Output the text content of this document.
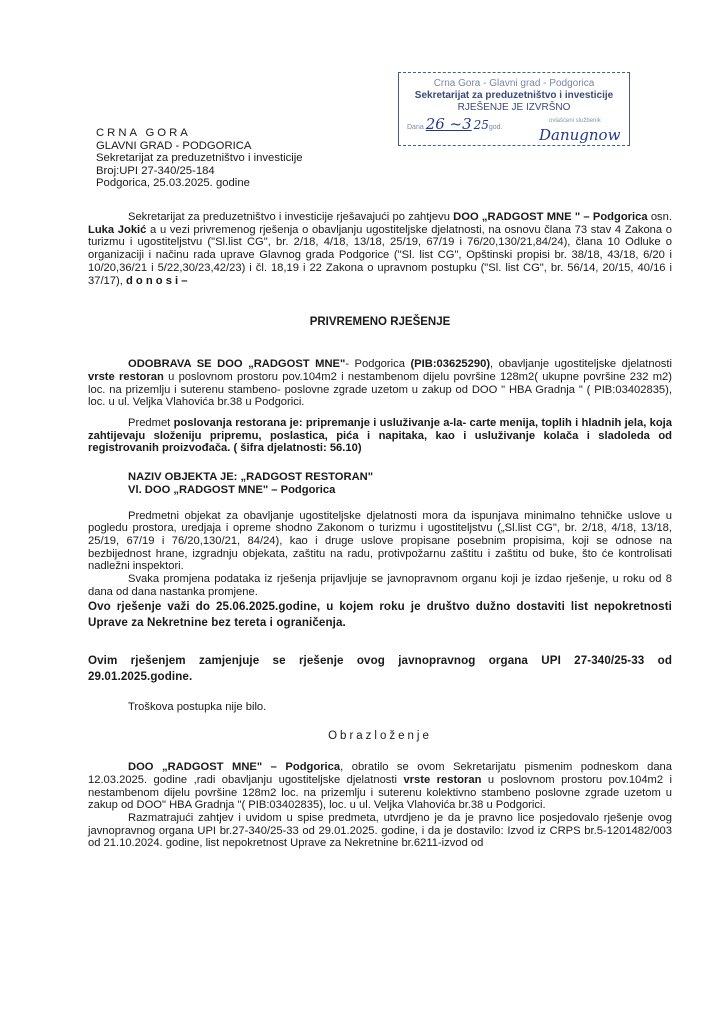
Crna Gora - Glavni grad - Podgorica
Sekretarijat za preduzetništvo i investicije
RJEŠENJE JE IZVRŠNO
Dana 26 ~3 25god.
ovlašćeni službenik
Danugnow
CRNA GORA
GLAVNI GRAD - PODGORICA
Sekretarijat za preduzetništvo i investicije
Broj:UPI 27-340/25-184
Podgorica, 25.03.2025. godine
Sekretarijat za preduzetništvo i investicije rješavajući po zahtjevu DOO „RADGOST MNE " – Podgorica osn. Luka Jokić a u vezi privremenog rješenja o obavljanju ugostiteljske djelatnosti, na osnovu člana 73 stav 4 Zakona o turizmu i ugostiteljstvu ("Sl.list CG", br. 2/18, 4/18, 13/18, 25/19, 67/19 i 76/20,130/21,84/24), člana 10 Odluke o organizaciji i načinu rada uprave Glavnog grada Podgorice ("Sl. list CG", Opštinski propisi br. 38/18, 43/18, 6/20 i 10/20,36/21 i 5/22,30/23,42/23) i čl. 18,19 i 22 Zakona o upravnom postupku ("Sl. list CG", br. 56/14, 20/15, 40/16 i 37/17), d o n o s i –
PRIVREMENO RJEŠENJE
ODOBRAVA SE DOO „RADGOST MNE"- Podgorica (PIB:03625290), obavljanje ugostiteljske djelatnosti vrste restoran u poslovnom prostoru pov.104m2 i nestambenom dijelu površine 128m2( ukupne površine 232 m2) loc. na prizemlju i suterenu stambeno- poslovne zgrade uzetom u zakup od DOO " HBA Gradnja " ( PIB:03402835), loc. u ul. Veljka Vlahovića br.38 u Podgorici.
Predmet poslovanja restorana je: pripremanje i usluživanje a-la- carte menija, toplih i hladnih jela, koja zahtijevaju složeniju pripremu, poslastica, pića i napitaka, kao i usluživanje kolača i sladoleda od registrovanih proizvođača. ( šifra djelatnosti: 56.10)
NAZIV OBJEKTA JE: „RADGOST RESTORAN"
Vl. DOO „RADGOST MNE" – Podgorica
Predmetni objekat za obavljanje ugostiteljske djelatnosti mora da ispunjava minimalno tehničke uslove u pogledu prostora, uredjaja i opreme shodno Zakonom o turizmu i ugostiteljstvu („Sl.list CG", br. 2/18, 4/18, 13/18, 25/19, 67/19 i 76/20,130/21, 84/24), kao i druge uslove propisane posebnim propisima, koji se odnose na bezbijednost hrane, izgradnju objekata, zaštitu na radu, protivpožarnu zaštitu i zaštitu od buke, što će kontrolisati nadležni inspektori.
Svaka promjena podataka iz rješenja prijavljuje se javnopravnom organu koji je izdao rješenje, u roku od 8 dana od dana nastanka promjene.
Ovo rješenje važi do 25.06.2025.godine, u kojem roku je društvo dužno dostaviti list nepokretnosti Uprave za Nekretnine bez tereta i ograničenja.
Ovim rješenjem zamjenjuje se rješenje ovog javnopravnog organa UPI 27-340/25-33 od 29.01.2025.godine.
Troškova postupka nije bilo.
Obrazloženje
DOO „RADGOST MNE" – Podgorica, obratilo se ovom Sekretarijatu pismenim podneskom dana 12.03.2025. godine ,radi obavljanju ugostiteljske djelatnosti vrste restoran u poslovnom prostoru pov.104m2 i nestambenom dijelu površine 128m2 loc. na prizemlju i suterenu kolektivno stambeno poslovne zgrade uzetom u zakup od DOO" HBA Gradnja "( PIB:03402835), loc. u ul. Veljka Vlahovića br.38 u Podgorici.
Razmatrajući zahtjev i uvidom u spise predmeta, utvrdjeno je da je pravno lice posjedovalo rješenje ovog javnopravnog organa UPI br.27-340/25-33 od 29.01.2025. godine, i da je dostavilo: Izvod iz CRPS br.5-1201482/003 od 21.10.2024. godine, list nepokretnost Uprave za Nekretnine br.6211-izvod od
